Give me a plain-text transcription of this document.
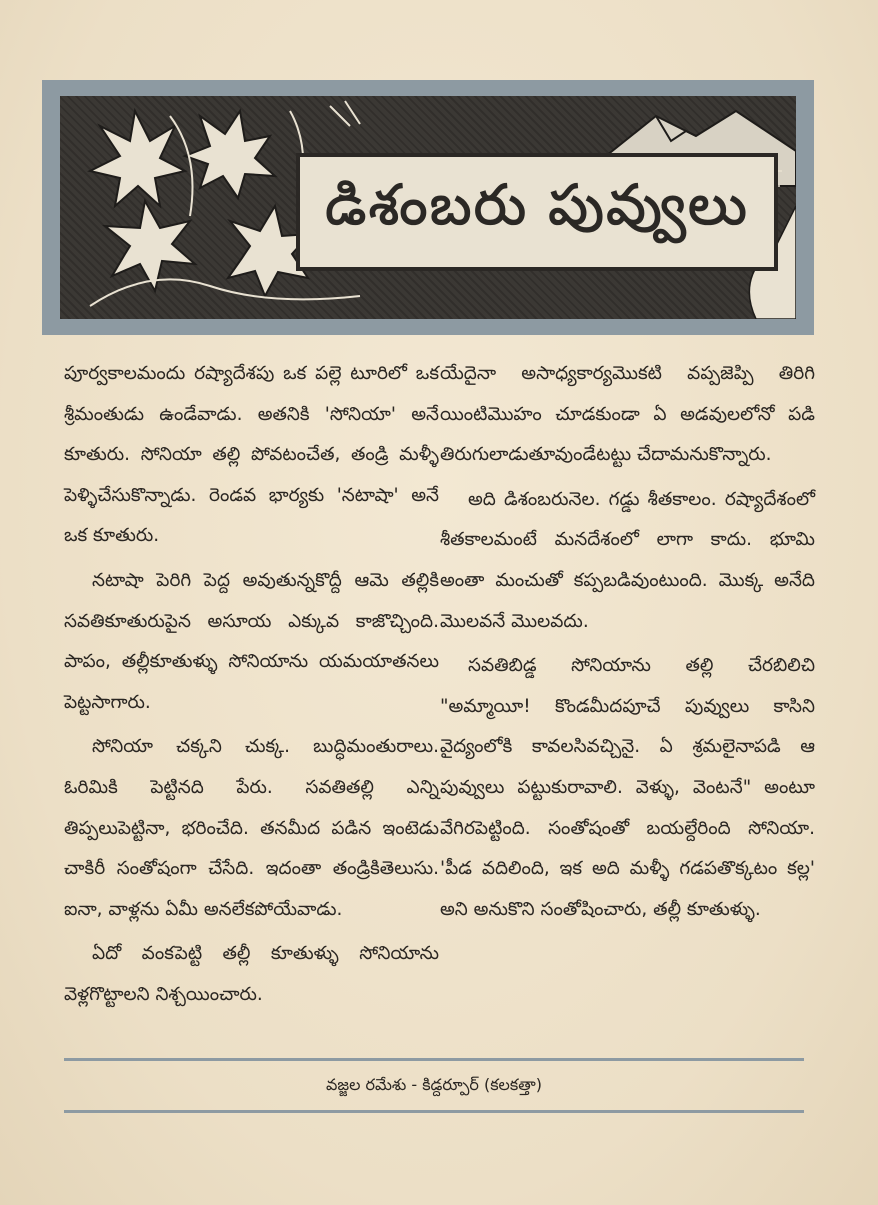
డిశంబరు పువ్వులు

పూర్వకాలమందు రష్యాదేశపు ఒక పల్లె టూరిలో ఒక శ్రీమంతుడు ఉండేవాడు. అతనికి 'సోనియా' అనే కూతురు. సోనియా తల్లి పోవటంచేత, తండ్రి మళ్ళీ పెళ్ళిచేసుకొన్నాడు. రెండవ భార్యకు 'నటాషా' అనే ఒక కూతురు.

నటాషా పెరిగి పెద్ద అవుతున్నకొద్దీ ఆమె తల్లికి సవతికూతురుపైన అసూయ ఎక్కువ కాజొచ్చింది. పాపం, తల్లీకూతుళ్ళు సోనియాను యమయాతనలు పెట్టసాగారు.

సోనియా చక్కని చుక్క. బుద్ధిమంతురాలు. ఓరిమికి పెట్టినది పేరు. సవతితల్లి ఎన్ని తిప్పలుపెట్టినా, భరించేది. తనమీద పడిన ఇంటెడు చాకిరీ సంతోషంగా చేసేది. ఇదంతా తండ్రికితెలుసు. ఐనా, వాళ్లను ఏమీ అనలేకపోయేవాడు.

ఏదో వంకపెట్టి తల్లీ కూతుళ్ళు సోనియాను వెళ్లగొట్టాలని నిశ్చయించారు.

యేదైనా అసాధ్యకార్యమొకటి వప్పజెప్పి తిరిగి యింటిమొహం చూడకుండా ఏ అడవులలోనో పడి తిరుగులాడుతూవుండేటట్టు చేదామనుకొన్నారు.

అది డిశంబరునెల. గడ్డు శీతకాలం. రష్యాదేశంలో శీతకాలమంటే మనదేశంలో లాగా కాదు. భూమి అంతా మంచుతో కప్పబడివుంటుంది. మొక్క అనేది మొలవనే మొలవదు.

సవతిబిడ్డ సోనియాను తల్లి చేరబిలిచి "అమ్మాయీ! కొండమీదపూచే పువ్వులు కాసిని వైద్యంలోకి కావలసివచ్చినై. ఏ శ్రమలైనాపడి ఆ పువ్వులు పట్టుకురావాలి. వెళ్ళు, వెంటనే" అంటూ వేగిరపెట్టింది. సంతోషంతో బయల్దేరింది సోనియా. 'పీడ వదిలింది, ఇక అది మళ్ళీ గడపతొక్కటం కల్ల' అని అనుకొని సంతోషించారు, తల్లీ కూతుళ్ళు.

వజ్జల రమేశు - కిడ్దర్పూర్ (కలకత్తా)
